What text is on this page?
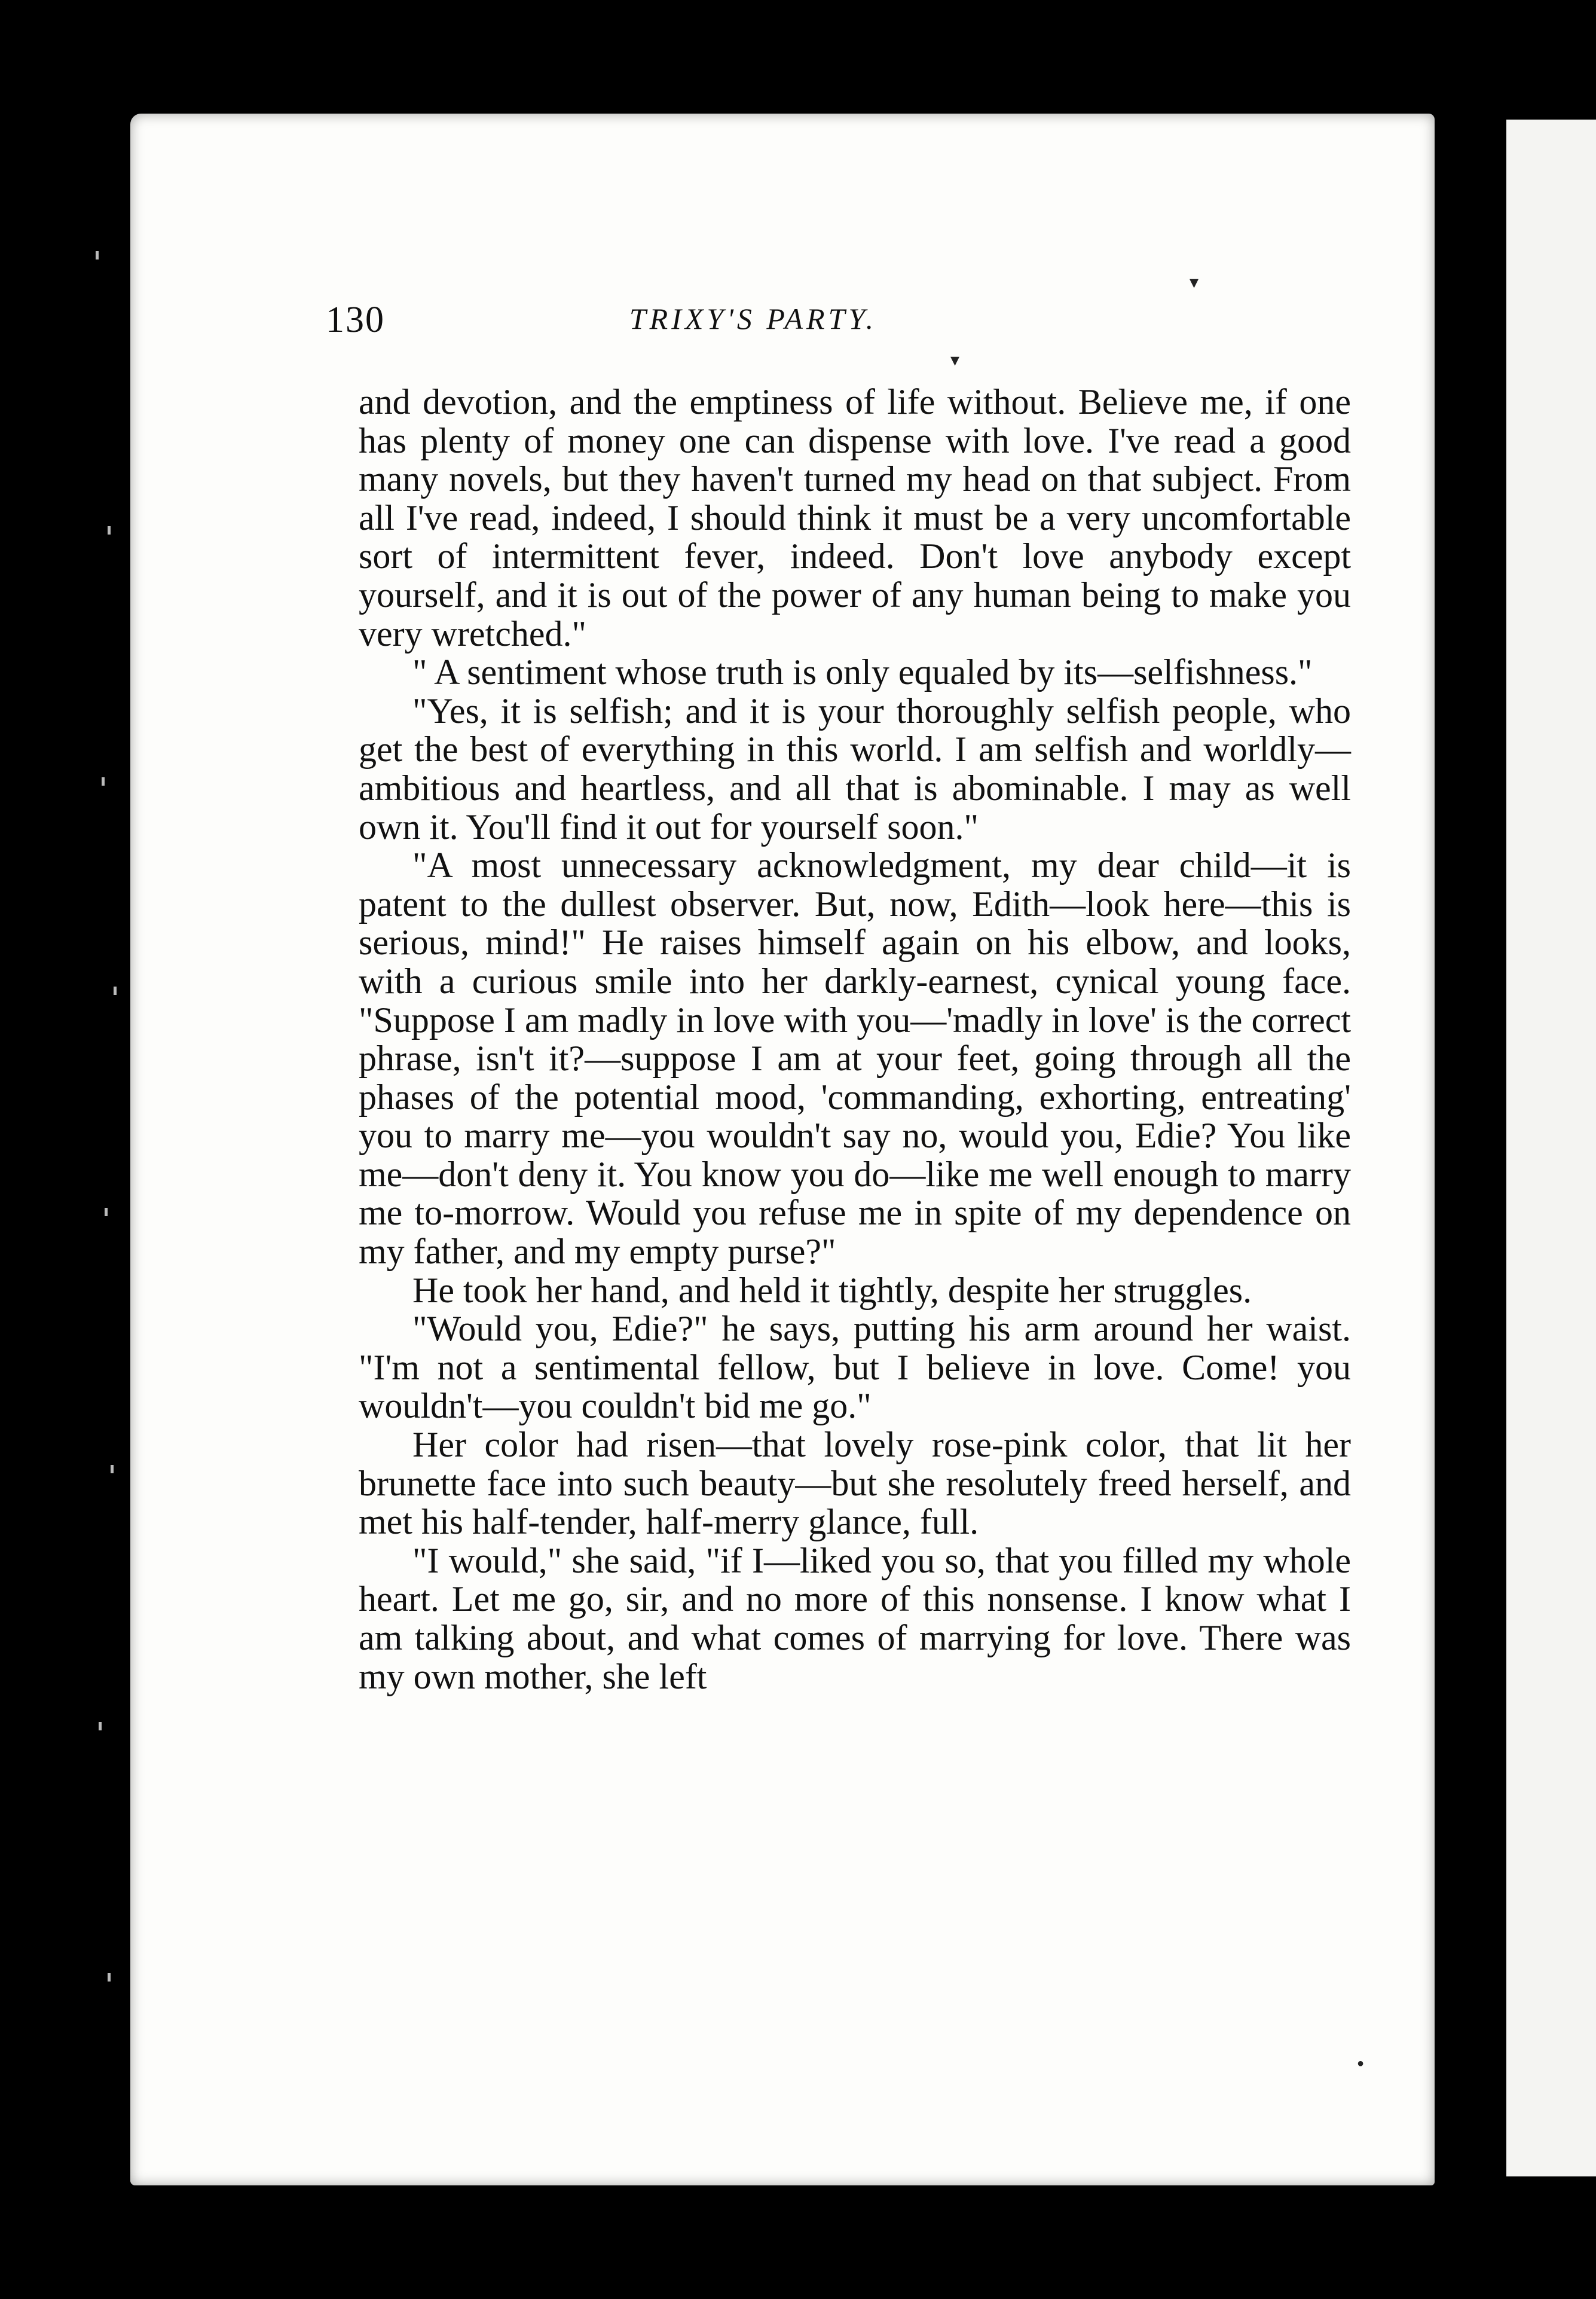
130	TRIXY'S PARTY.
▾
▾
●

and devotion, and the emptiness of life without. Believe me, if one has plenty of money one can dispense with love. I've read a good many novels, but they haven't turned my head on that subject. From all I've read, indeed, I should think it must be a very uncomfortable sort of intermittent fever, indeed. Don't love anybody except yourself, and it is out of the power of any human being to make you very wretched."

" A sentiment whose truth is only equaled by its—selfishness."

"Yes, it is selfish; and it is your thoroughly selfish people, who get the best of everything in this world. I am selfish and worldly—ambitious and heartless, and all that is abominable. I may as well own it. You'll find it out for yourself soon."

"A most unnecessary acknowledgment, my dear child—it is patent to the dullest observer. But, now, Edith—look here—this is serious, mind!" He raises himself again on his elbow, and looks, with a curious smile into her darkly-earnest, cynical young face. "Suppose I am madly in love with you—'madly in love' is the correct phrase, isn't it?—suppose I am at your feet, going through all the phases of the potential mood, 'commanding, exhorting, entreating' you to marry me—you wouldn't say no, would you, Edie? You like me—don't deny it. You know you do—like me well enough to marry me to-morrow. Would you refuse me in spite of my dependence on my father, and my empty purse?"

He took her hand, and held it tightly, despite her struggles.

"Would you, Edie?" he says, putting his arm around her waist. "I'm not a sentimental fellow, but I believe in love. Come! you wouldn't—you couldn't bid me go."

Her color had risen—that lovely rose-pink color, that lit her brunette face into such beauty—but she resolutely freed herself, and met his half-tender, half-merry glance, full.

"I would," she said, "if I—liked you so, that you filled my whole heart. Let me go, sir, and no more of this nonsense. I know what I am talking about, and what comes of marrying for love. There was my own mother, she left
